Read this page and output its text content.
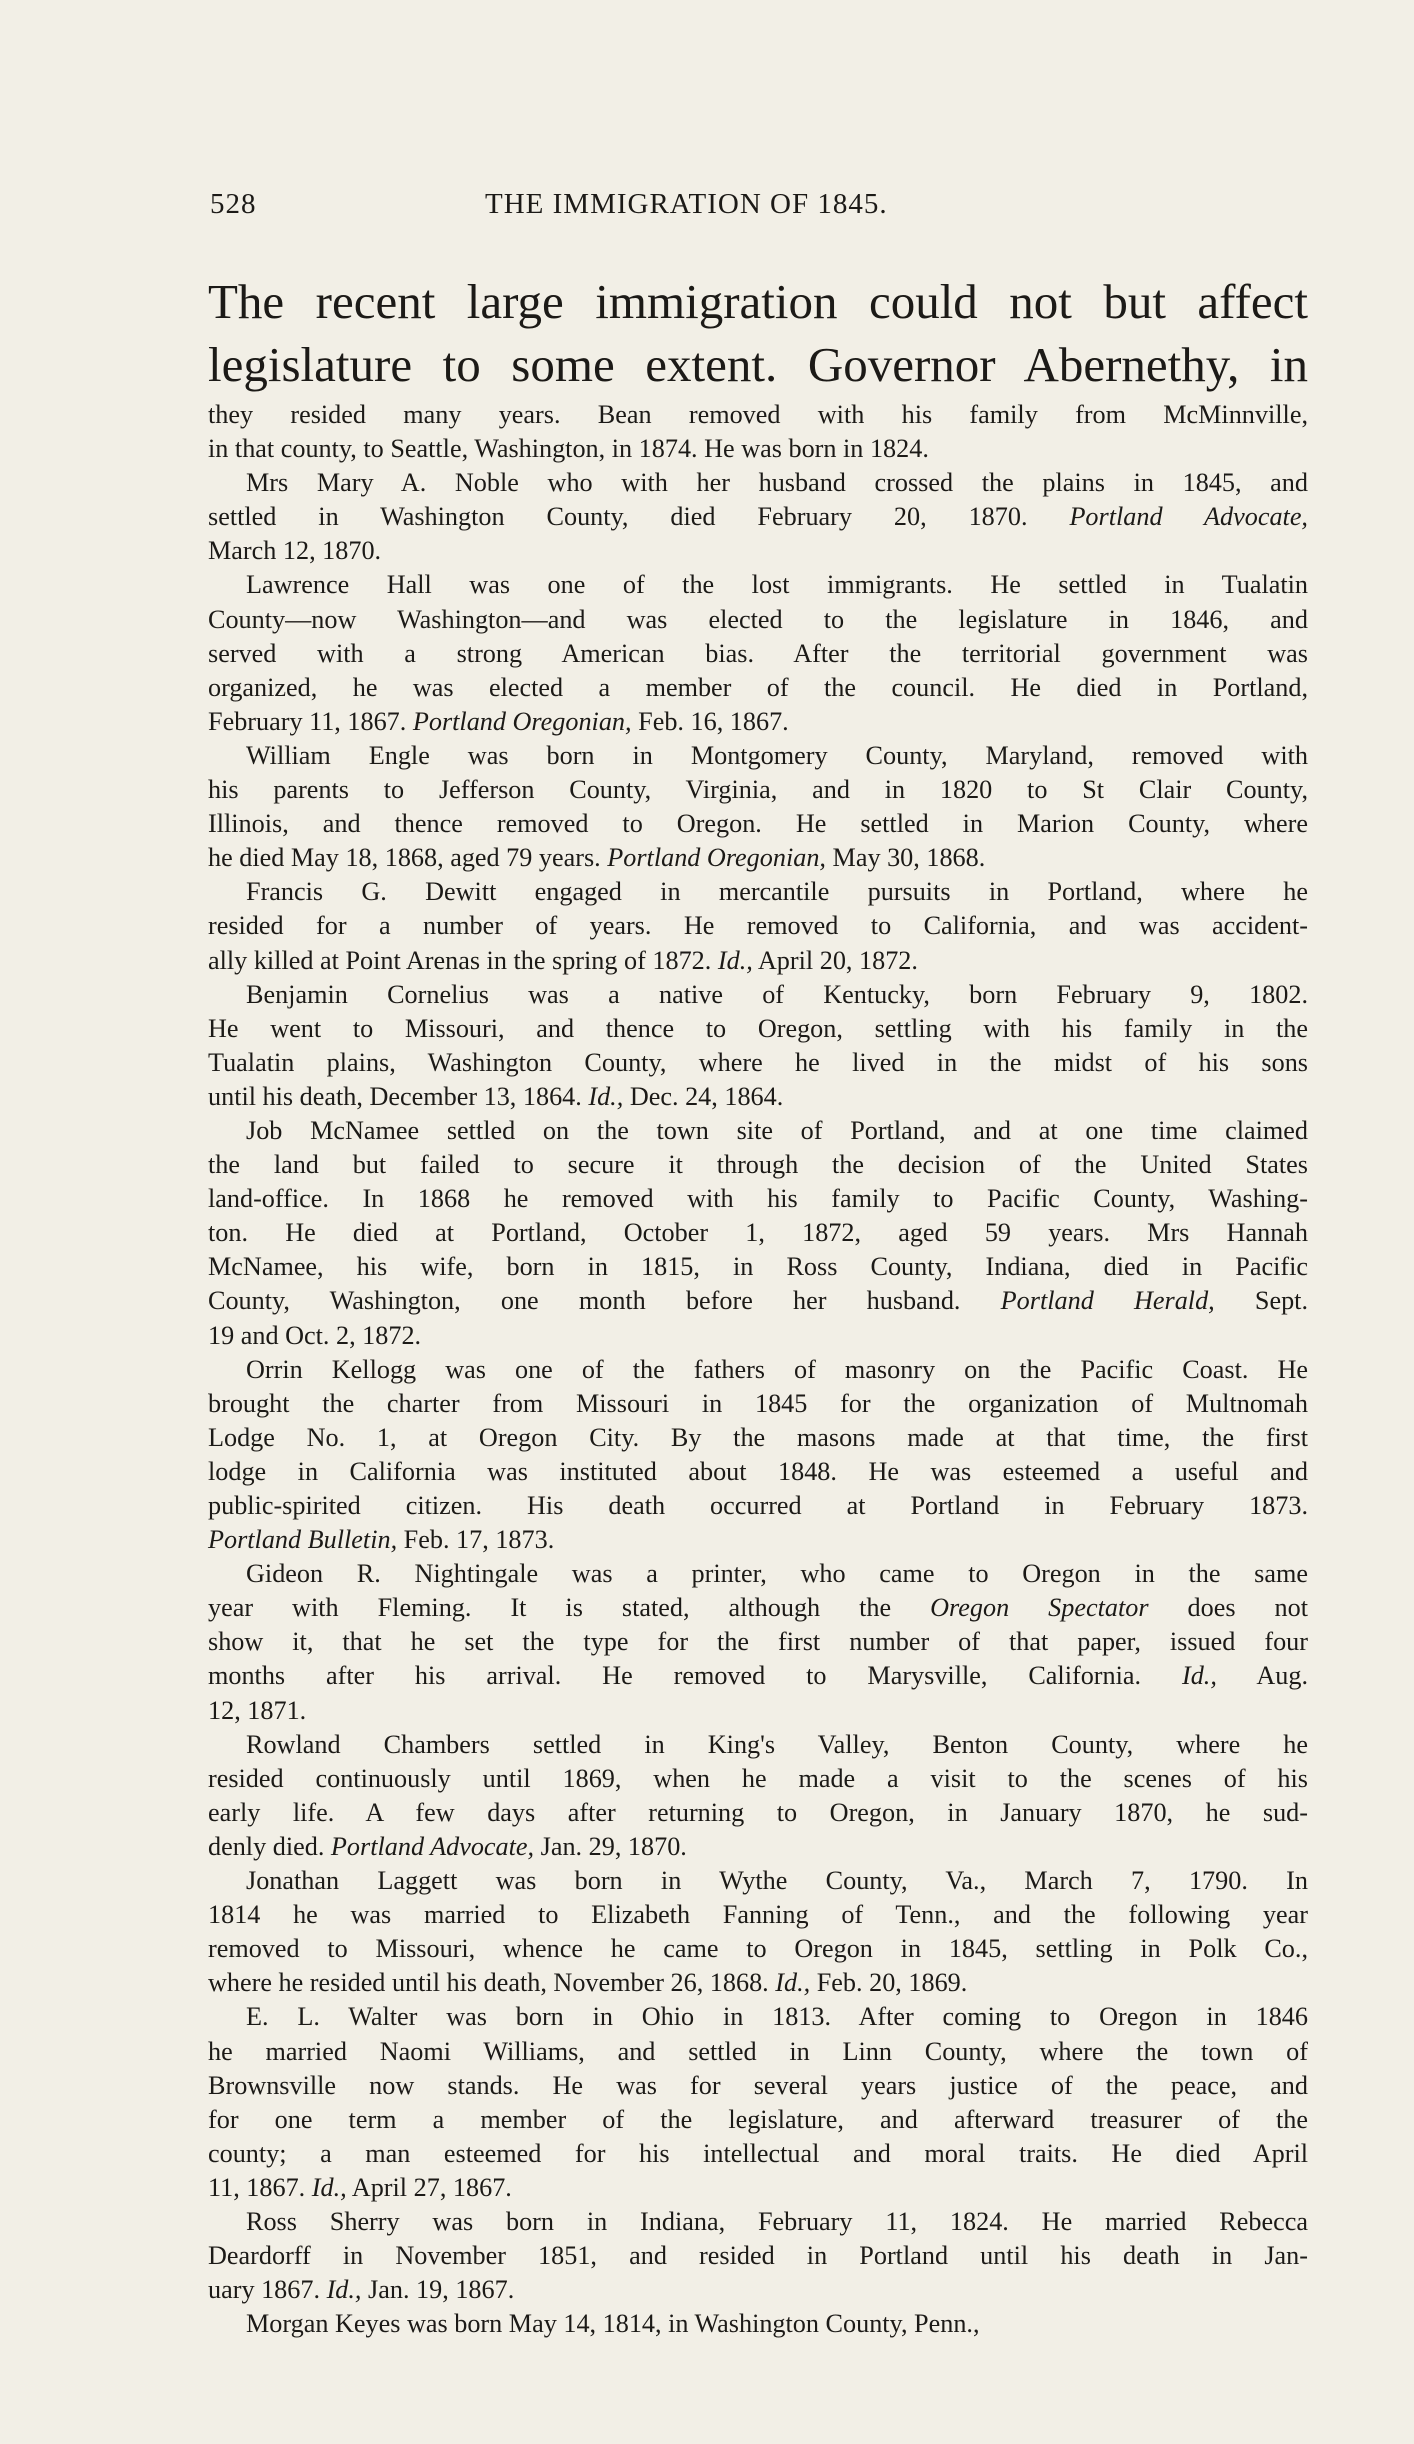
528	THE IMMIGRATION OF 1845.
The recent large immigration could not but affect
legislature to some extent. Governor Abernethy, in
they resided many years. Bean removed with his family from McMinnville,
in that county, to Seattle, Washington, in 1874. He was born in 1824.
Mrs Mary A. Noble who with her husband crossed the plains in 1845, and
settled in Washington County, died February 20, 1870. Portland Advocate,
March 12, 1870.
Lawrence Hall was one of the lost immigrants. He settled in Tualatin
County—now Washington—and was elected to the legislature in 1846, and
served with a strong American bias. After the territorial government was
organized, he was elected a member of the council. He died in Portland,
February 11, 1867. Portland Oregonian, Feb. 16, 1867.
William Engle was born in Montgomery County, Maryland, removed with
his parents to Jefferson County, Virginia, and in 1820 to St Clair County,
Illinois, and thence removed to Oregon. He settled in Marion County, where
he died May 18, 1868, aged 79 years. Portland Oregonian, May 30, 1868.
Francis G. Dewitt engaged in mercantile pursuits in Portland, where he
resided for a number of years. He removed to California, and was accident-
ally killed at Point Arenas in the spring of 1872. Id., April 20, 1872.
Benjamin Cornelius was a native of Kentucky, born February 9, 1802.
He went to Missouri, and thence to Oregon, settling with his family in the
Tualatin plains, Washington County, where he lived in the midst of his sons
until his death, December 13, 1864. Id., Dec. 24, 1864.
Job McNamee settled on the town site of Portland, and at one time claimed
the land but failed to secure it through the decision of the United States
land-office. In 1868 he removed with his family to Pacific County, Washing-
ton. He died at Portland, October 1, 1872, aged 59 years. Mrs Hannah
McNamee, his wife, born in 1815, in Ross County, Indiana, died in Pacific
County, Washington, one month before her husband. Portland Herald, Sept.
19 and Oct. 2, 1872.
Orrin Kellogg was one of the fathers of masonry on the Pacific Coast. He
brought the charter from Missouri in 1845 for the organization of Multnomah
Lodge No. 1, at Oregon City. By the masons made at that time, the first
lodge in California was instituted about 1848. He was esteemed a useful and
public-spirited citizen. His death occurred at Portland in February 1873.
Portland Bulletin, Feb. 17, 1873.
Gideon R. Nightingale was a printer, who came to Oregon in the same
year with Fleming. It is stated, although the Oregon Spectator does not
show it, that he set the type for the first number of that paper, issued four
months after his arrival. He removed to Marysville, California. Id., Aug.
12, 1871.
Rowland Chambers settled in King's Valley, Benton County, where he
resided continuously until 1869, when he made a visit to the scenes of his
early life. A few days after returning to Oregon, in January 1870, he sud-
denly died. Portland Advocate, Jan. 29, 1870.
Jonathan Laggett was born in Wythe County, Va., March 7, 1790. In
1814 he was married to Elizabeth Fanning of Tenn., and the following year
removed to Missouri, whence he came to Oregon in 1845, settling in Polk Co.,
where he resided until his death, November 26, 1868. Id., Feb. 20, 1869.
E. L. Walter was born in Ohio in 1813. After coming to Oregon in 1846
he married Naomi Williams, and settled in Linn County, where the town of
Brownsville now stands. He was for several years justice of the peace, and
for one term a member of the legislature, and afterward treasurer of the
county; a man esteemed for his intellectual and moral traits. He died April
11, 1867. Id., April 27, 1867.
Ross Sherry was born in Indiana, February 11, 1824. He married Rebecca
Deardorff in November 1851, and resided in Portland until his death in Jan-
uary 1867. Id., Jan. 19, 1867.
Morgan Keyes was born May 14, 1814, in Washington County, Penn.,
